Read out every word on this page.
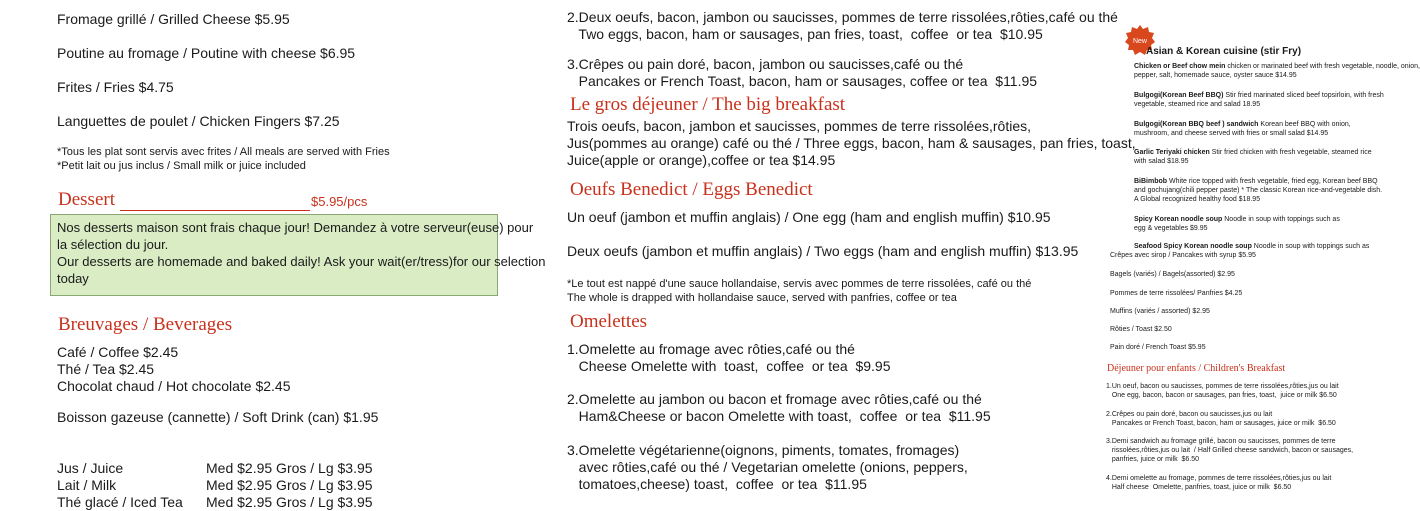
Fromage grillé / Grilled Cheese $5.95
Poutine au fromage / Poutine with cheese $6.95
Frites / Fries $4.75
Languettes de poulet / Chicken Fingers $7.25
*Tous les plat sont servis avec frites / All meals are served with Fries
*Petit lait ou jus inclus / Small milk or juice included
Dessert	$5.95/pcs
Nos desserts maison sont frais chaque jour! Demandez à votre serveur(euse) pour
la sélection du jour.
Our desserts are homemade and baked daily! Ask your wait(er/tress)for our selection
today
Breuvages / Beverages
Café / Coffee $2.45
Thé / Tea $2.45
Chocolat chaud / Hot chocolate $2.45
Boisson gazeuse (cannette) / Soft Drink (can) $1.95
Jus / Juice	Med $2.95 Gros / Lg $3.95
Lait / Milk	Med $2.95 Gros / Lg $3.95
Thé glacé / Iced Tea Med $2.95 Gros / Lg $3.95
2.Deux oeufs, bacon, jambon ou saucisses, pommes de terre rissolées,rôties,café ou thé
Two eggs, bacon, ham or sausages, pan fries, toast,  coffee  or tea  $10.95
3.Crêpes ou pain doré, bacon, jambon ou saucisses,café ou thé
Pancakes or French Toast, bacon, ham or sausages, coffee or tea  $11.95
Le gros déjeuner / The big breakfast
Trois oeufs, bacon, jambon et saucisses, pommes de terre rissolées,rôties,
Jus(pommes au orange) café ou thé / Three eggs, bacon, ham & sausages, pan fries, toast,
Juice(apple or orange),coffee or tea $14.95
Oeufs Benedict / Eggs Benedict
Un oeuf (jambon et muffin anglais) / One egg (ham and english muffin) $10.95
Deux oeufs (jambon et muffin anglais) / Two eggs (ham and english muffin) $13.95
*Le tout est nappé d'une sauce hollandaise, servis avec pommes de terre rissolées, café ou thé
The whole is drapped with hollandaise sauce, served with panfries, coffee or tea
Omelettes
1.Omelette au fromage avec rôties,café ou thé
Cheese Omelette with  toast,  coffee  or tea  $9.95
2.Omelette au jambon ou bacon et fromage avec rôties,café ou thé
Ham&Cheese or bacon Omelette with toast,  coffee  or tea  $11.95
3.Omelette végétarienne(oignons, piments, tomates, fromages)
avec rôties,café ou thé / Vegetarian omelette (onions, peppers,
tomatoes,cheese) toast,  coffee  or tea  $11.95
New
Asian & Korean cuisine (stir Fry)
Chicken or Beef chow mein chicken or marinated beef with fresh vegetable, noodle, onion,
pepper, salt, homemade sauce, oyster sauce $14.95
Bulgogi(Korean Beef BBQ) Stir fried marinated sliced beef topsirloin, with fresh
vegetable, steamed rice and salad 18.95
Bulgogi(Korean BBQ beef ) sandwich Korean beef BBQ with onion,
mushroom, and cheese served with fries or small salad $14.95
Garlic Teriyaki chicken Stir fried chicken with fresh vegetable, steamed rice
with salad $18.95
BiBimbob White rice topped with fresh vegetable, fried egg, Korean beef BBQ
and gochujang(chili pepper paste) * The classic Korean rice-and-vegetable dish.
A Global recognized healthy food $18.95
Spicy Korean noodle soup Noodle in soup with toppings such as
egg & vegetables $9.95
Seafood Spicy Korean noodle soup Noodle in soup with toppings such as
Crêpes avec sirop / Pancakes with syrup $5.95
Bagels (variés) / Bagels(assorted) $2.95
Pommes de terre rissolées/ Panfries $4.25
Muffins (variés / assorted) $2.95
Rôties / Toast $2.50
Pain doré / French Toast $5.95
Déjeuner pour enfants / Children's Breakfast
1.Un oeuf, bacon ou saucisses, pommes de terre rissolées,rôties,jus ou lait
One egg, bacon, bacon or sausages, pan fries, toast,  juice or milk $6.50
2.Crêpes ou pain doré, bacon ou saucisses,jus ou lait
Pancakes or French Toast, bacon, ham or sausages, juice or milk  $6.50
3.Demi sandwich au fromage grillé, bacon ou saucisses, pommes de terre
rissolées,rôties,jus ou lait  / Half Grilled cheese sandwich, bacon or sausages,
panfries, juice or milk  $6.50
4.Demi omelette au fromage, pommes de terre rissolées,rôties,jus ou lait
Half cheese  Omelette, panfries, toast, juice or milk  $6.50
